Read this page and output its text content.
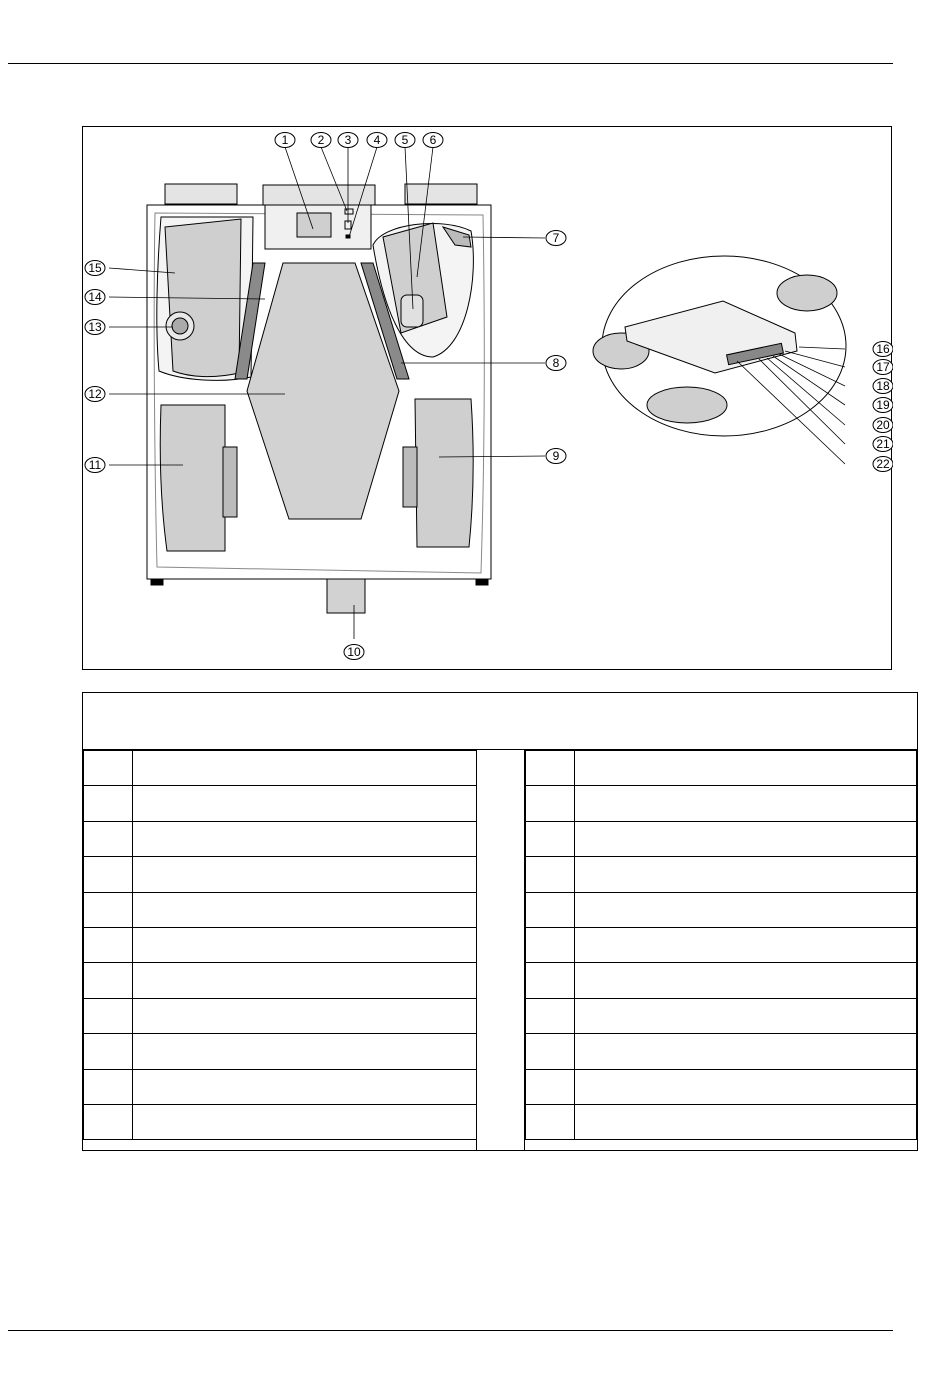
1 2 3 4 5 6
7
8
9
10
11
12
13
14
15
16
17
18
19
20
21
22
